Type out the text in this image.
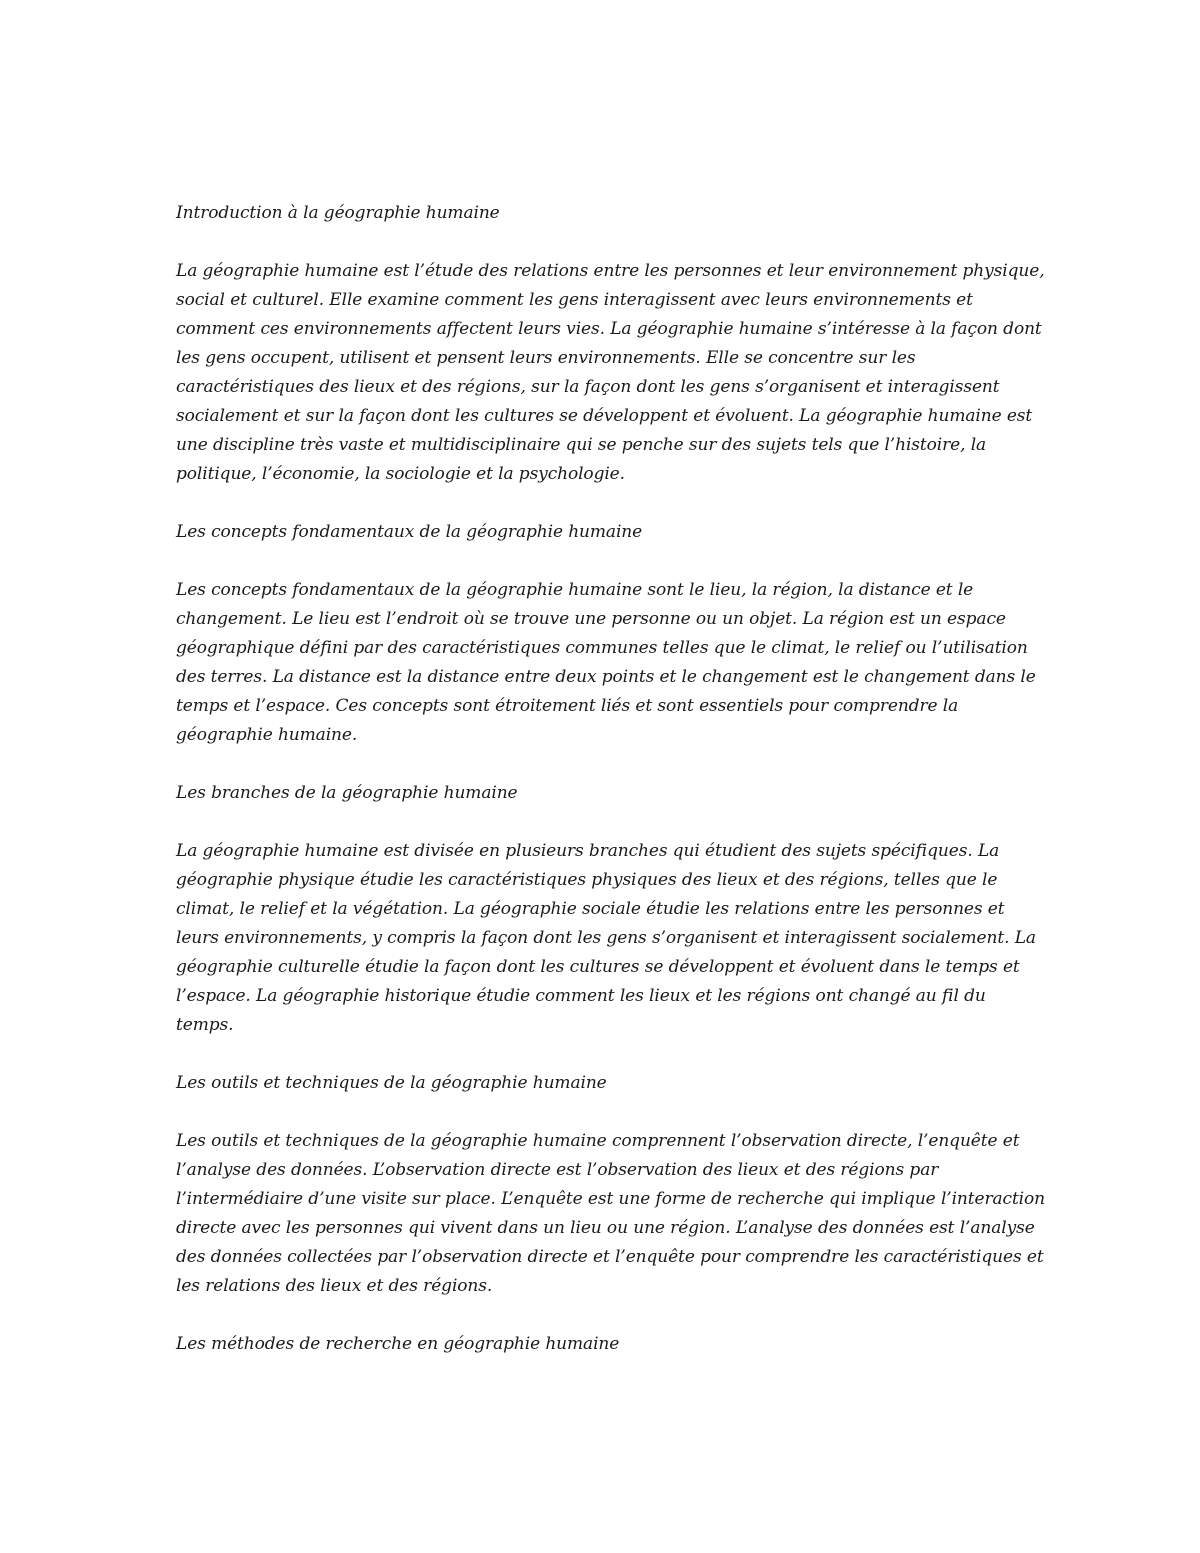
Introduction à la géographie humaine

La géographie humaine est l’étude des relations entre les personnes et leur environnement physique, social et culturel. Elle examine comment les gens interagissent avec leurs environnements et comment ces environnements affectent leurs vies. La géographie humaine s’intéresse à la façon dont les gens occupent, utilisent et pensent leurs environnements. Elle se concentre sur les caractéristiques des lieux et des régions, sur la façon dont les gens s’organisent et interagissent socialement et sur la façon dont les cultures se développent et évoluent. La géographie humaine est une discipline très vaste et multidisciplinaire qui se penche sur des sujets tels que l’histoire, la politique, l’économie, la sociologie et la psychologie.

Les concepts fondamentaux de la géographie humaine

Les concepts fondamentaux de la géographie humaine sont le lieu, la région, la distance et le changement. Le lieu est l’endroit où se trouve une personne ou un objet. La région est un espace géographique défini par des caractéristiques communes telles que le climat, le relief ou l’utilisation des terres. La distance est la distance entre deux points et le changement est le changement dans le temps et l’espace. Ces concepts sont étroitement liés et sont essentiels pour comprendre la géographie humaine.

Les branches de la géographie humaine

La géographie humaine est divisée en plusieurs branches qui étudient des sujets spécifiques. La géographie physique étudie les caractéristiques physiques des lieux et des régions, telles que le climat, le relief et la végétation. La géographie sociale étudie les relations entre les personnes et leurs environnements, y compris la façon dont les gens s’organisent et interagissent socialement. La géographie culturelle étudie la façon dont les cultures se développent et évoluent dans le temps et l’espace. La géographie historique étudie comment les lieux et les régions ont changé au fil du temps.

Les outils et techniques de la géographie humaine

Les outils et techniques de la géographie humaine comprennent l’observation directe, l’enquête et l’analyse des données. L’observation directe est l’observation des lieux et des régions par l’intermédiaire d’une visite sur place. L’enquête est une forme de recherche qui implique l’interaction directe avec les personnes qui vivent dans un lieu ou une région. L’analyse des données est l’analyse des données collectées par l’observation directe et l’enquête pour comprendre les caractéristiques et les relations des lieux et des régions.

Les méthodes de recherche en géographie humaine
